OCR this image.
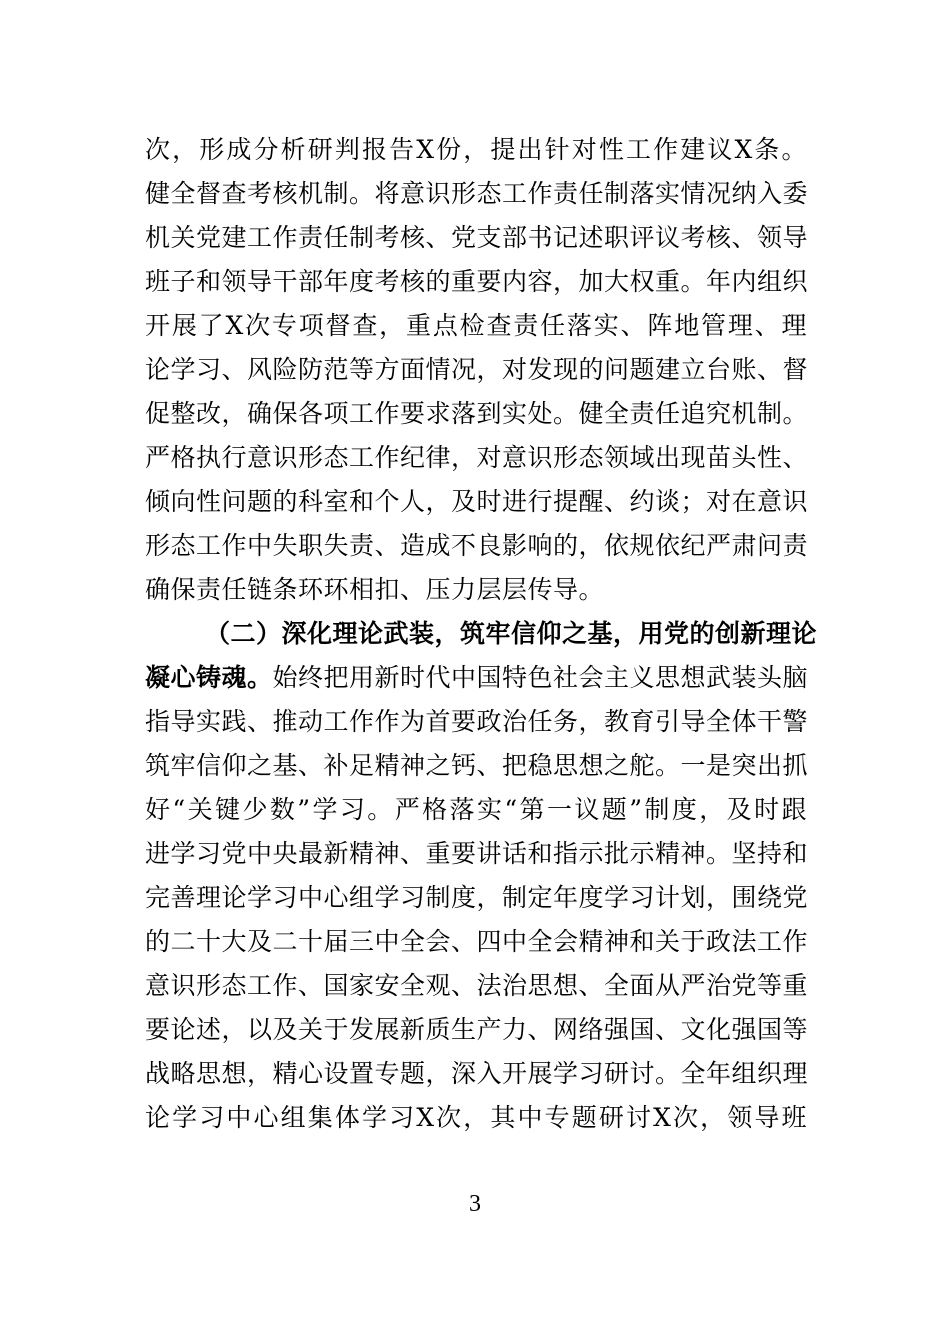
次，形成分析研判报告X份，提出针对性工作建议X条。
健全督查考核机制。将意识形态工作责任制落实情况纳入委
机关党建工作责任制考核、党支部书记述职评议考核、领导
班子和领导干部年度考核的重要内容，加大权重。年内组织
开展了X次专项督查，重点检查责任落实、阵地管理、理
论学习、风险防范等方面情况，对发现的问题建立台账、督
促整改，确保各项工作要求落到实处。健全责任追究机制。
严格执行意识形态工作纪律，对意识形态领域出现苗头性、
倾向性问题的科室和个人，及时进行提醒、约谈；对在意识
形态工作中失职失责、造成不良影响的，依规依纪严肃问责
确保责任链条环环相扣、压力层层传导。
（二）深化理论武装，筑牢信仰之基，用党的创新理论
凝心铸魂。始终把用新时代中国特色社会主义思想武装头脑
指导实践、推动工作作为首要政治任务，教育引导全体干警
筑牢信仰之基、补足精神之钙、把稳思想之舵。一是突出抓
好“关键少数”学习。严格落实“第一议题”制度，及时跟
进学习党中央最新精神、重要讲话和指示批示精神。坚持和
完善理论学习中心组学习制度，制定年度学习计划，围绕党
的二十大及二十届三中全会、四中全会精神和关于政法工作
意识形态工作、国家安全观、法治思想、全面从严治党等重
要论述，以及关于发展新质生产力、网络强国、文化强国等
战略思想，精心设置专题，深入开展学习研讨。全年组织理
论学习中心组集体学习X次，其中专题研讨X次，领导班
3
